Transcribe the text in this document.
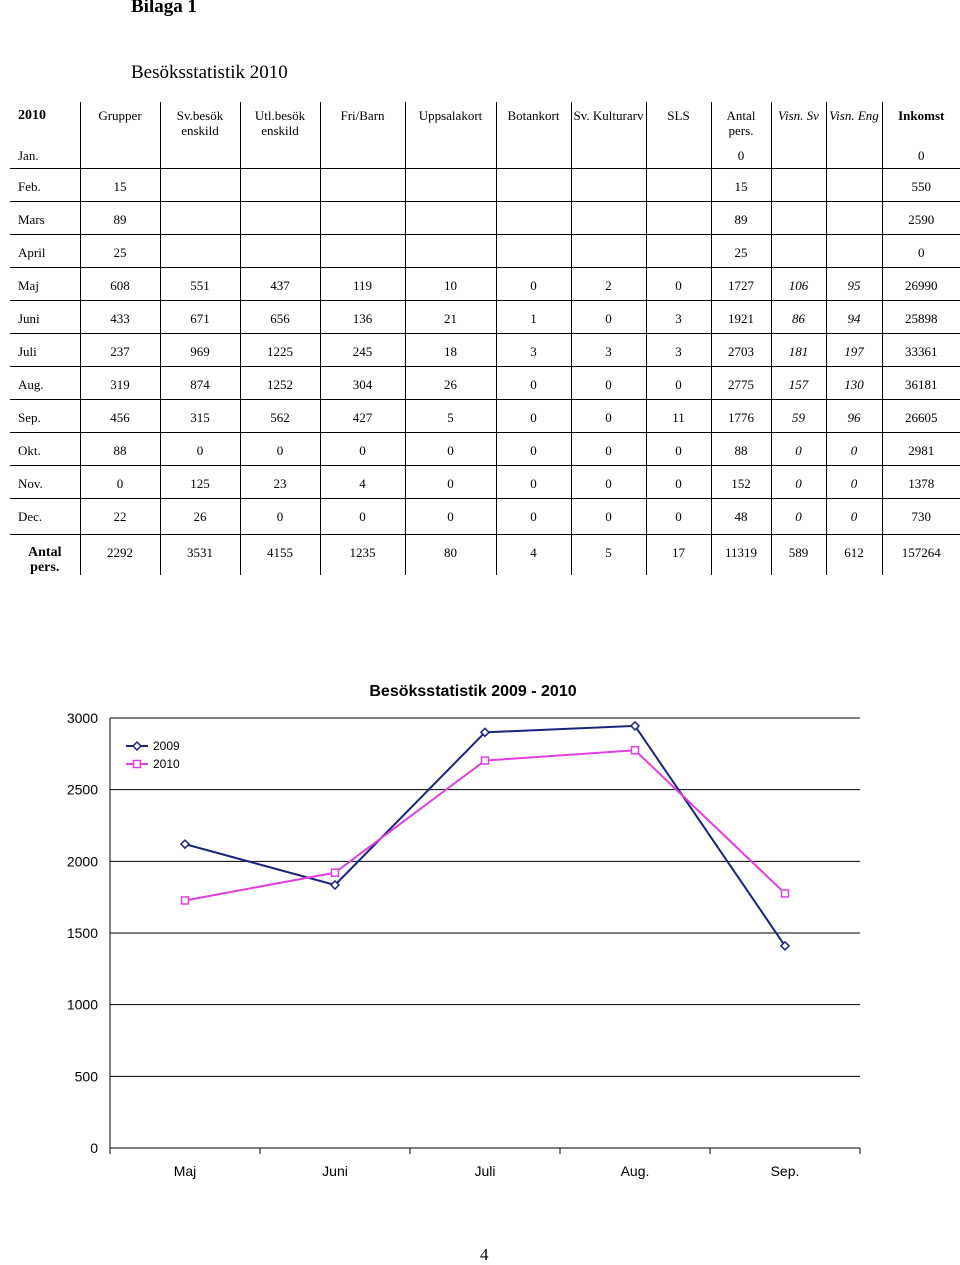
Bilaga 1
Besöksstatistik 2010
2010	Grupper	Sv.besök enskild	Utl.besök enskild	Fri/Barn	Uppsalakort	Botankort	Sv. Kulturarv	SLS	Antal pers.	Visn. Sv	Visn. Eng	Inkomst
Jan.									0			0
Feb.	15								15			550
Mars	89								89			2590
April	25								25			0
Maj	608	551	437	119	10	0	2	0	1727	106	95	26990
Juni	433	671	656	136	21	1	0	3	1921	86	94	25898
Juli	237	969	1225	245	18	3	3	3	2703	181	197	33361
Aug.	319	874	1252	304	26	0	0	0	2775	157	130	36181
Sep.	456	315	562	427	5	0	0	11	1776	59	96	26605
Okt.	88	0	0	0	0	0	0	0	88	0	0	2981
Nov.	0	125	23	4	0	0	0	0	152	0	0	1378
Dec.	22	26	0	0	0	0	0	0	48	0	0	730
Antal pers.	2292	3531	4155	1235	80	4	5	17	11319	589	612	157264
Besöksstatistik 2009 - 2010
0
500
1000
1500
2000
2500
3000
Maj	Juni	Juli	Aug.	Sep.
2009
2010
4
